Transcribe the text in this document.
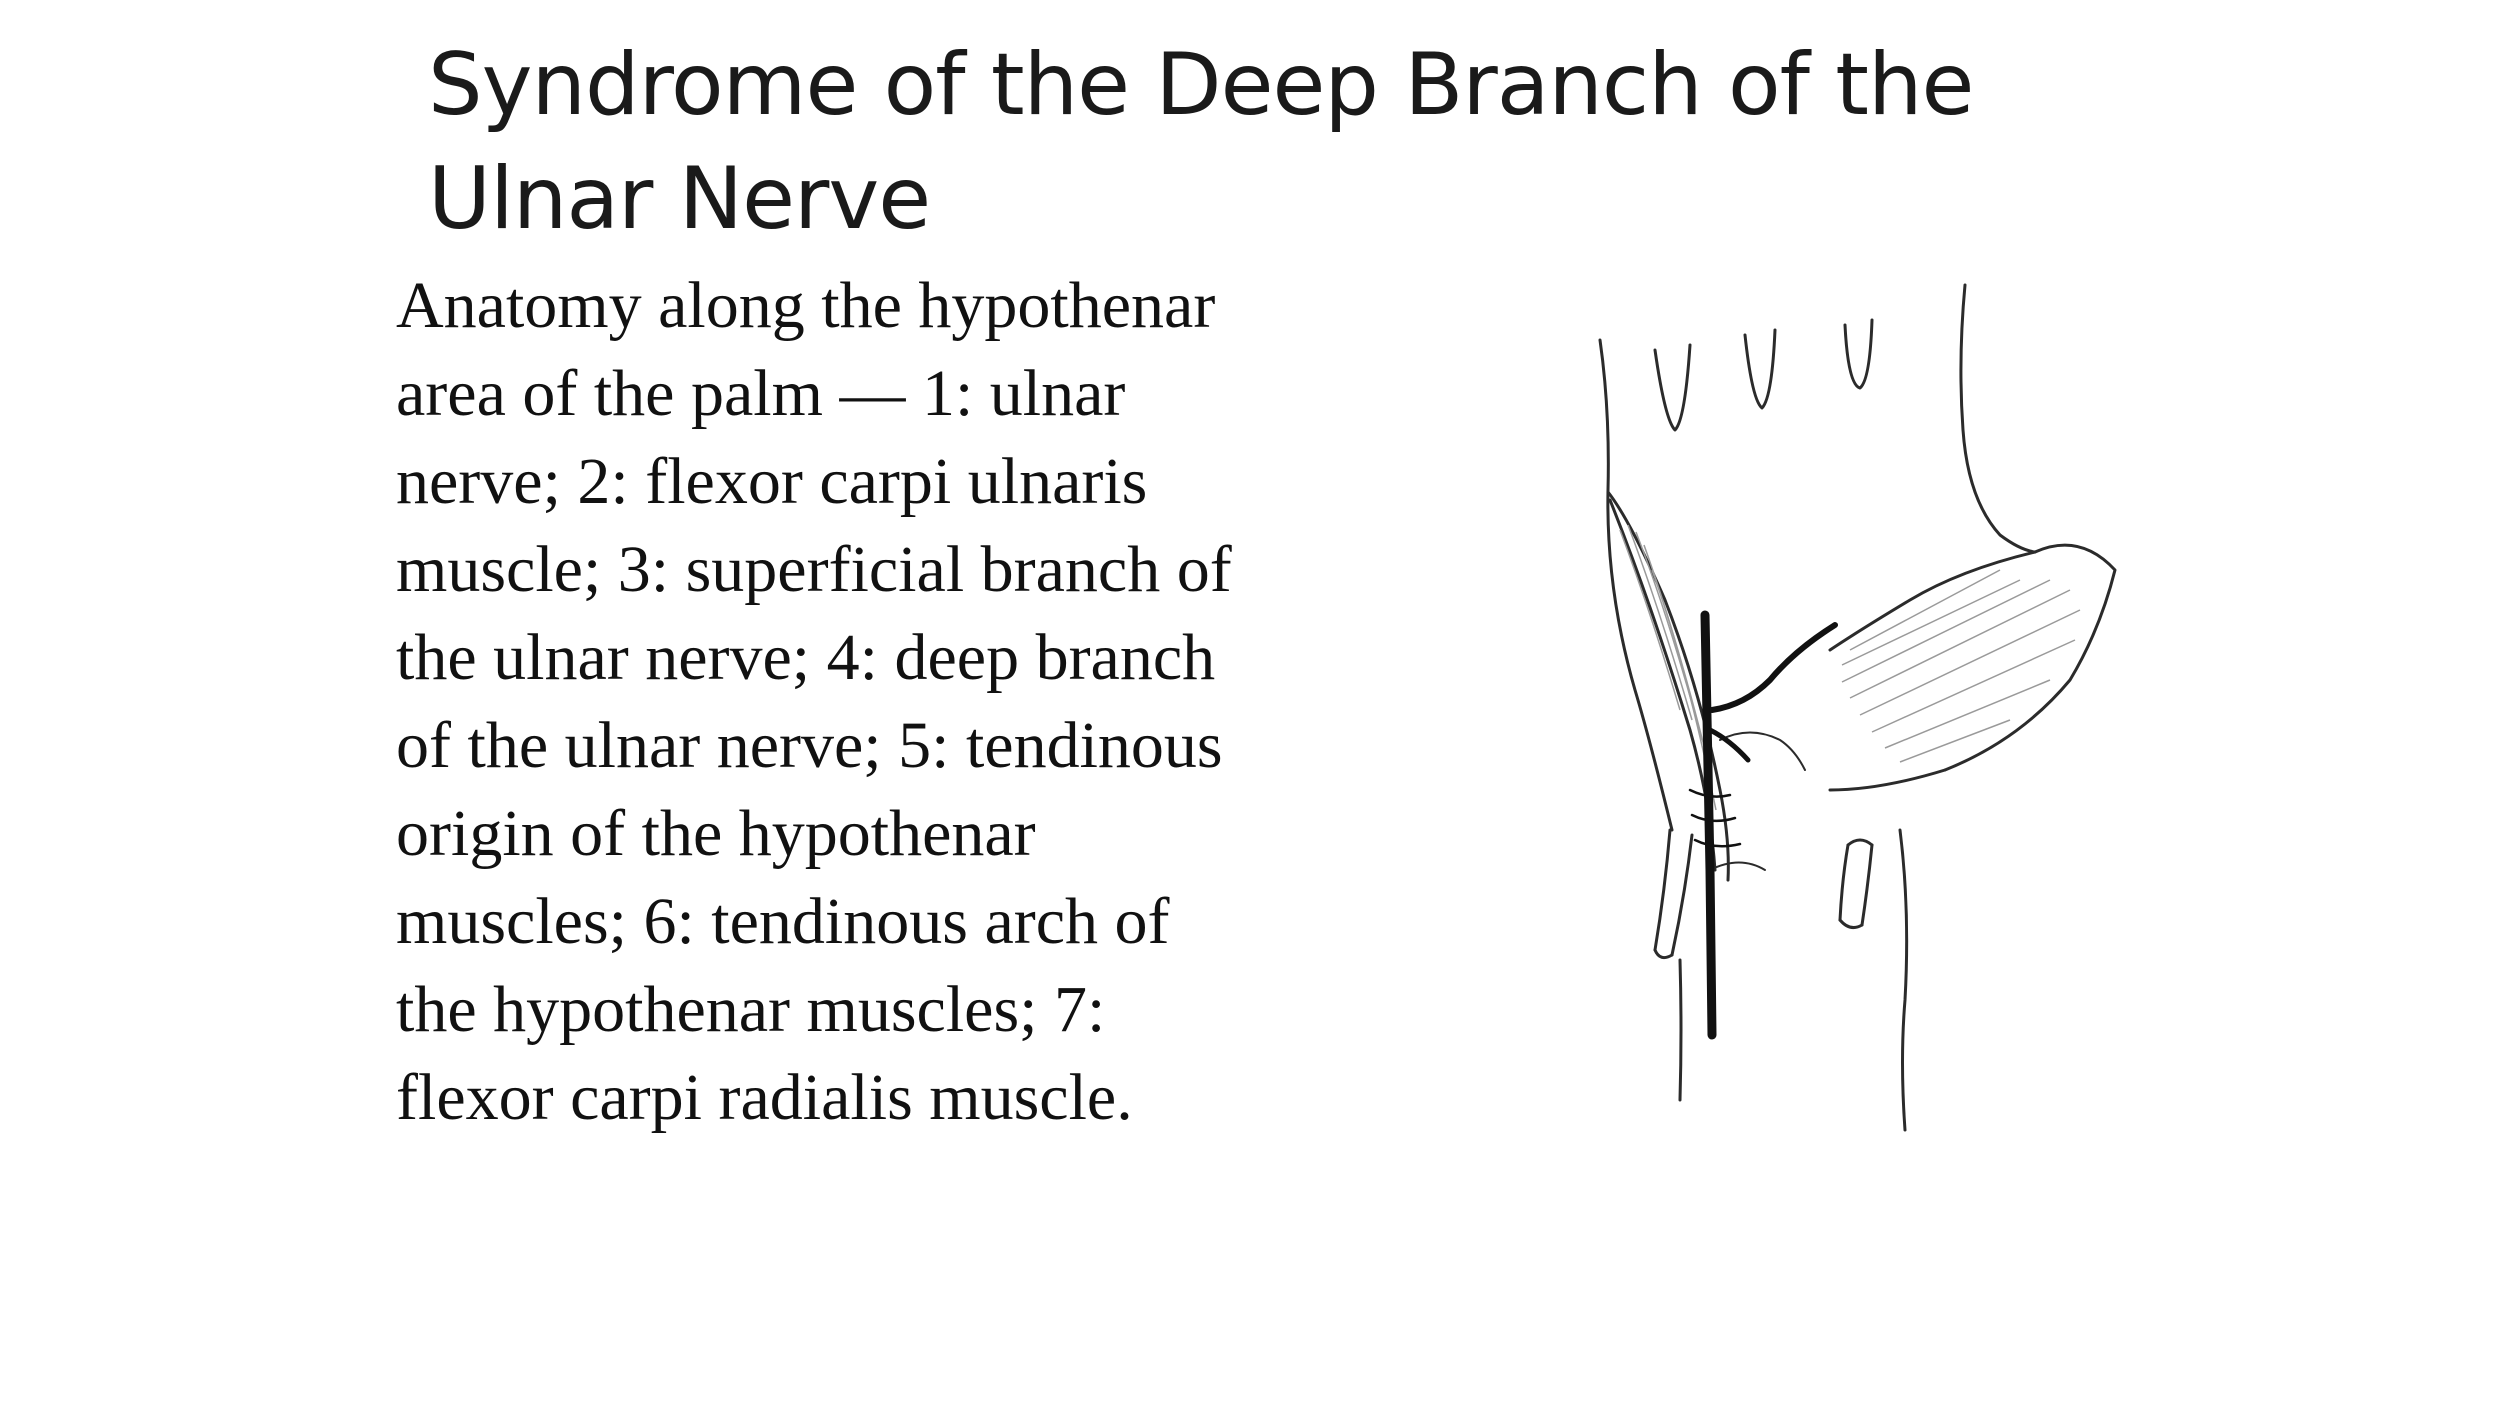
Syndrome of the Deep Branch of the
Ulnar Nerve

Anatomy along the hypothenar
area of the palm — 1: ulnar
nerve; 2: flexor carpi ulnaris
muscle; 3: superficial branch of
the ulnar nerve; 4: deep branch
of the ulnar nerve; 5: tendinous
origin of the hypothenar
muscles; 6: tendinous arch of
the hypothenar muscles; 7:
flexor carpi radialis muscle.
